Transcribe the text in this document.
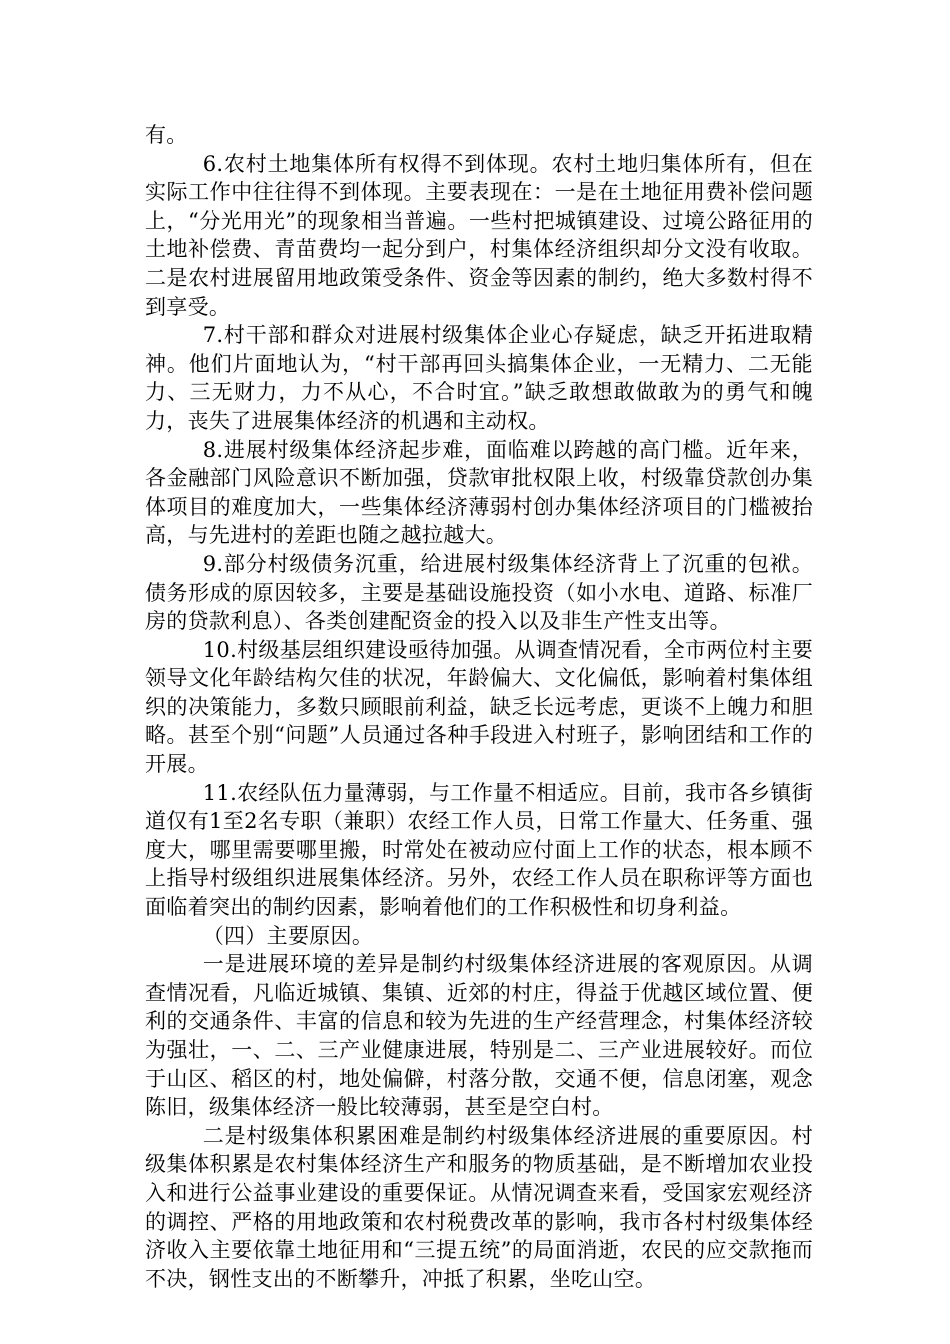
有。

6.农村土地集体所有权得不到体现。农村土地归集体所有，但在实际工作中往往得不到体现。主要表现在：一是在土地征用费补偿问题上，“分光用光”的现象相当普遍。一些村把城镇建设、过境公路征用的土地补偿费、青苗费均一起分到户，村集体经济组织却分文没有收取。二是农村进展留用地政策受条件、资金等因素的制约，绝大多数村得不到享受。

7.村干部和群众对进展村级集体企业心存疑虑，缺乏开拓进取精神。他们片面地认为，“村干部再回头搞集体企业，一无精力、二无能力、三无财力，力不从心，不合时宜。”缺乏敢想敢做敢为的勇气和魄力，丧失了进展集体经济的机遇和主动权。

8.进展村级集体经济起步难，面临难以跨越的高门槛。近年来，各金融部门风险意识不断加强，贷款审批权限上收，村级靠贷款创办集体项目的难度加大，一些集体经济薄弱村创办集体经济项目的门槛被抬高，与先进村的差距也随之越拉越大。

9.部分村级债务沉重，给进展村级集体经济背上了沉重的包袱。债务形成的原因较多，主要是基础设施投资（如小水电、道路、标准厂房的贷款利息）、各类创建配资金的投入以及非生产性支出等。

10.村级基层组织建设亟待加强。从调查情况看，全市两位村主要领导文化年龄结构欠佳的状况，年龄偏大、文化偏低，影响着村集体组织的决策能力，多数只顾眼前利益，缺乏长远考虑，更谈不上魄力和胆略。甚至个别“问题”人员通过各种手段进入村班子，影响团结和工作的开展。

11.农经队伍力量薄弱，与工作量不相适应。目前，我市各乡镇街道仅有1至2名专职（兼职）农经工作人员，日常工作量大、任务重、强度大，哪里需要哪里搬，时常处在被动应付面上工作的状态，根本顾不上指导村级组织进展集体经济。另外，农经工作人员在职称评等方面也面临着突出的制约因素，影响着他们的工作积极性和切身利益。

（四）主要原因。

一是进展环境的差异是制约村级集体经济进展的客观原因。从调查情况看，凡临近城镇、集镇、近郊的村庄，得益于优越区域位置、便利的交通条件、丰富的信息和较为先进的生产经营理念，村集体经济较为强壮，一、二、三产业健康进展，特别是二、三产业进展较好。而位于山区、稻区的村，地处偏僻，村落分散，交通不便，信息闭塞，观念陈旧，级集体经济一般比较薄弱，甚至是空白村。

二是村级集体积累困难是制约村级集体经济进展的重要原因。村级集体积累是农村集体经济生产和服务的物质基础，是不断增加农业投入和进行公益事业建设的重要保证。从情况调查来看，受国家宏观经济的调控、严格的用地政策和农村税费改革的影响，我市各村村级集体经济收入主要依靠土地征用和“三提五统”的局面消逝，农民的应交款拖而不决，钢性支出的不断攀升，冲抵了积累，坐吃山空。
